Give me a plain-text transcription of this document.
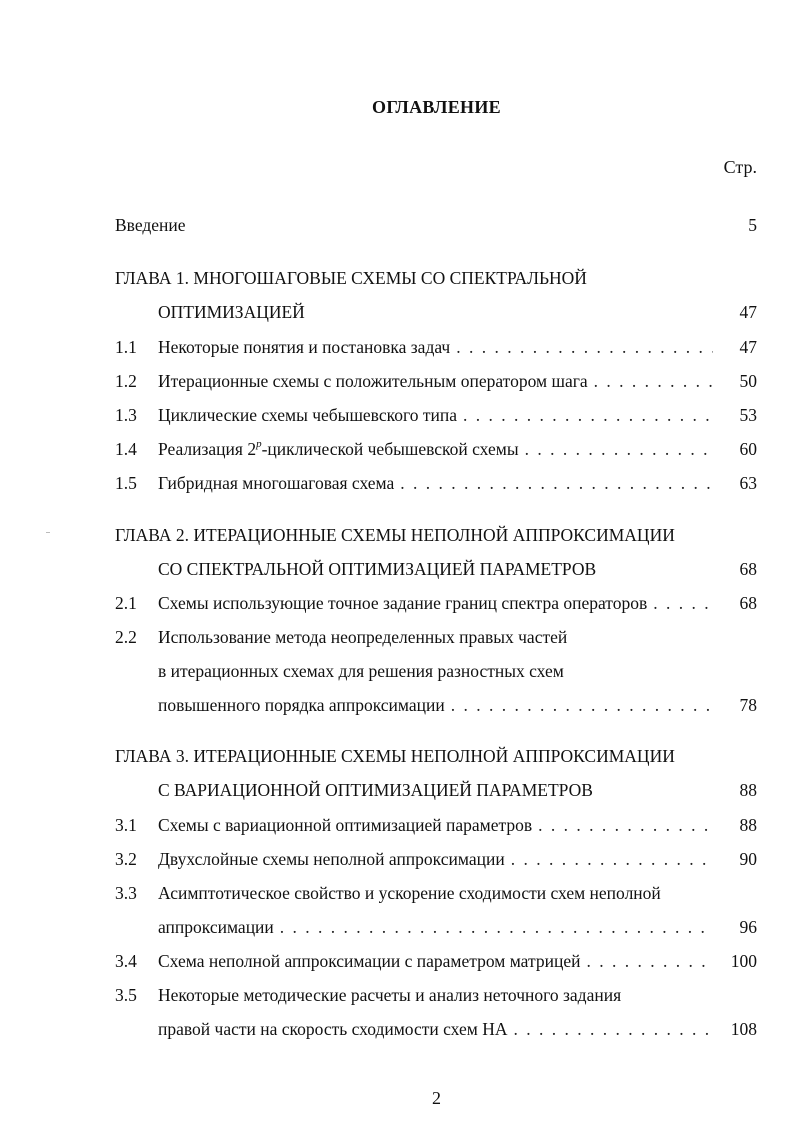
ОГЛАВЛЕНИЕ
Стр.
Введение	5
ГЛАВА 1. МНОГОШАГОВЫЕ СХЕМЫ СО СПЕКТРАЛЬНОЙ
ОПТИМИЗАЦИЕЙ	47
1.1 Некоторые понятия и постановка задач . . .	47
1.2 Итерационные схемы с положительным оператором шага . . .	50
1.3 Циклические схемы чебышевского типа . . .	53
1.4 Реализация 2$^p$-циклической чебышевской схемы . . .	60
1.5 Гибридная многошаговая схема . . .	63
ГЛАВА 2. ИТЕРАЦИОННЫЕ СХЕМЫ НЕПОЛНОЙ АППРОКСИМАЦИИ
СО СПЕКТРАЛЬНОЙ ОПТИМИЗАЦИЕЙ ПАРАМЕТРОВ	68
2.1 Схемы использующие точное задание границ спектра операторов . . .	68
2.2 Использование метода неопределенных правых частей
в итерационных схемах для решения разностных схем
повышенного порядка аппроксимации . . .	78
ГЛАВА 3. ИТЕРАЦИОННЫЕ СХЕМЫ НЕПОЛНОЙ АППРОКСИМАЦИИ
С ВАРИАЦИОННОЙ ОПТИМИЗАЦИЕЙ ПАРАМЕТРОВ	88
3.1 Схемы с вариационной оптимизацией параметров . . .	88
3.2 Двухслойные схемы неполной аппроксимации . . .	90
3.3 Асимптотическое свойство и ускорение сходимости схем неполной
аппроксимации . . .	96
3.4 Схема неполной аппроксимации с параметром матрицей . . .	100
3.5 Некоторые методические расчеты и анализ неточного задания
правой части на скорость сходимости схем НА . . .	108
2
